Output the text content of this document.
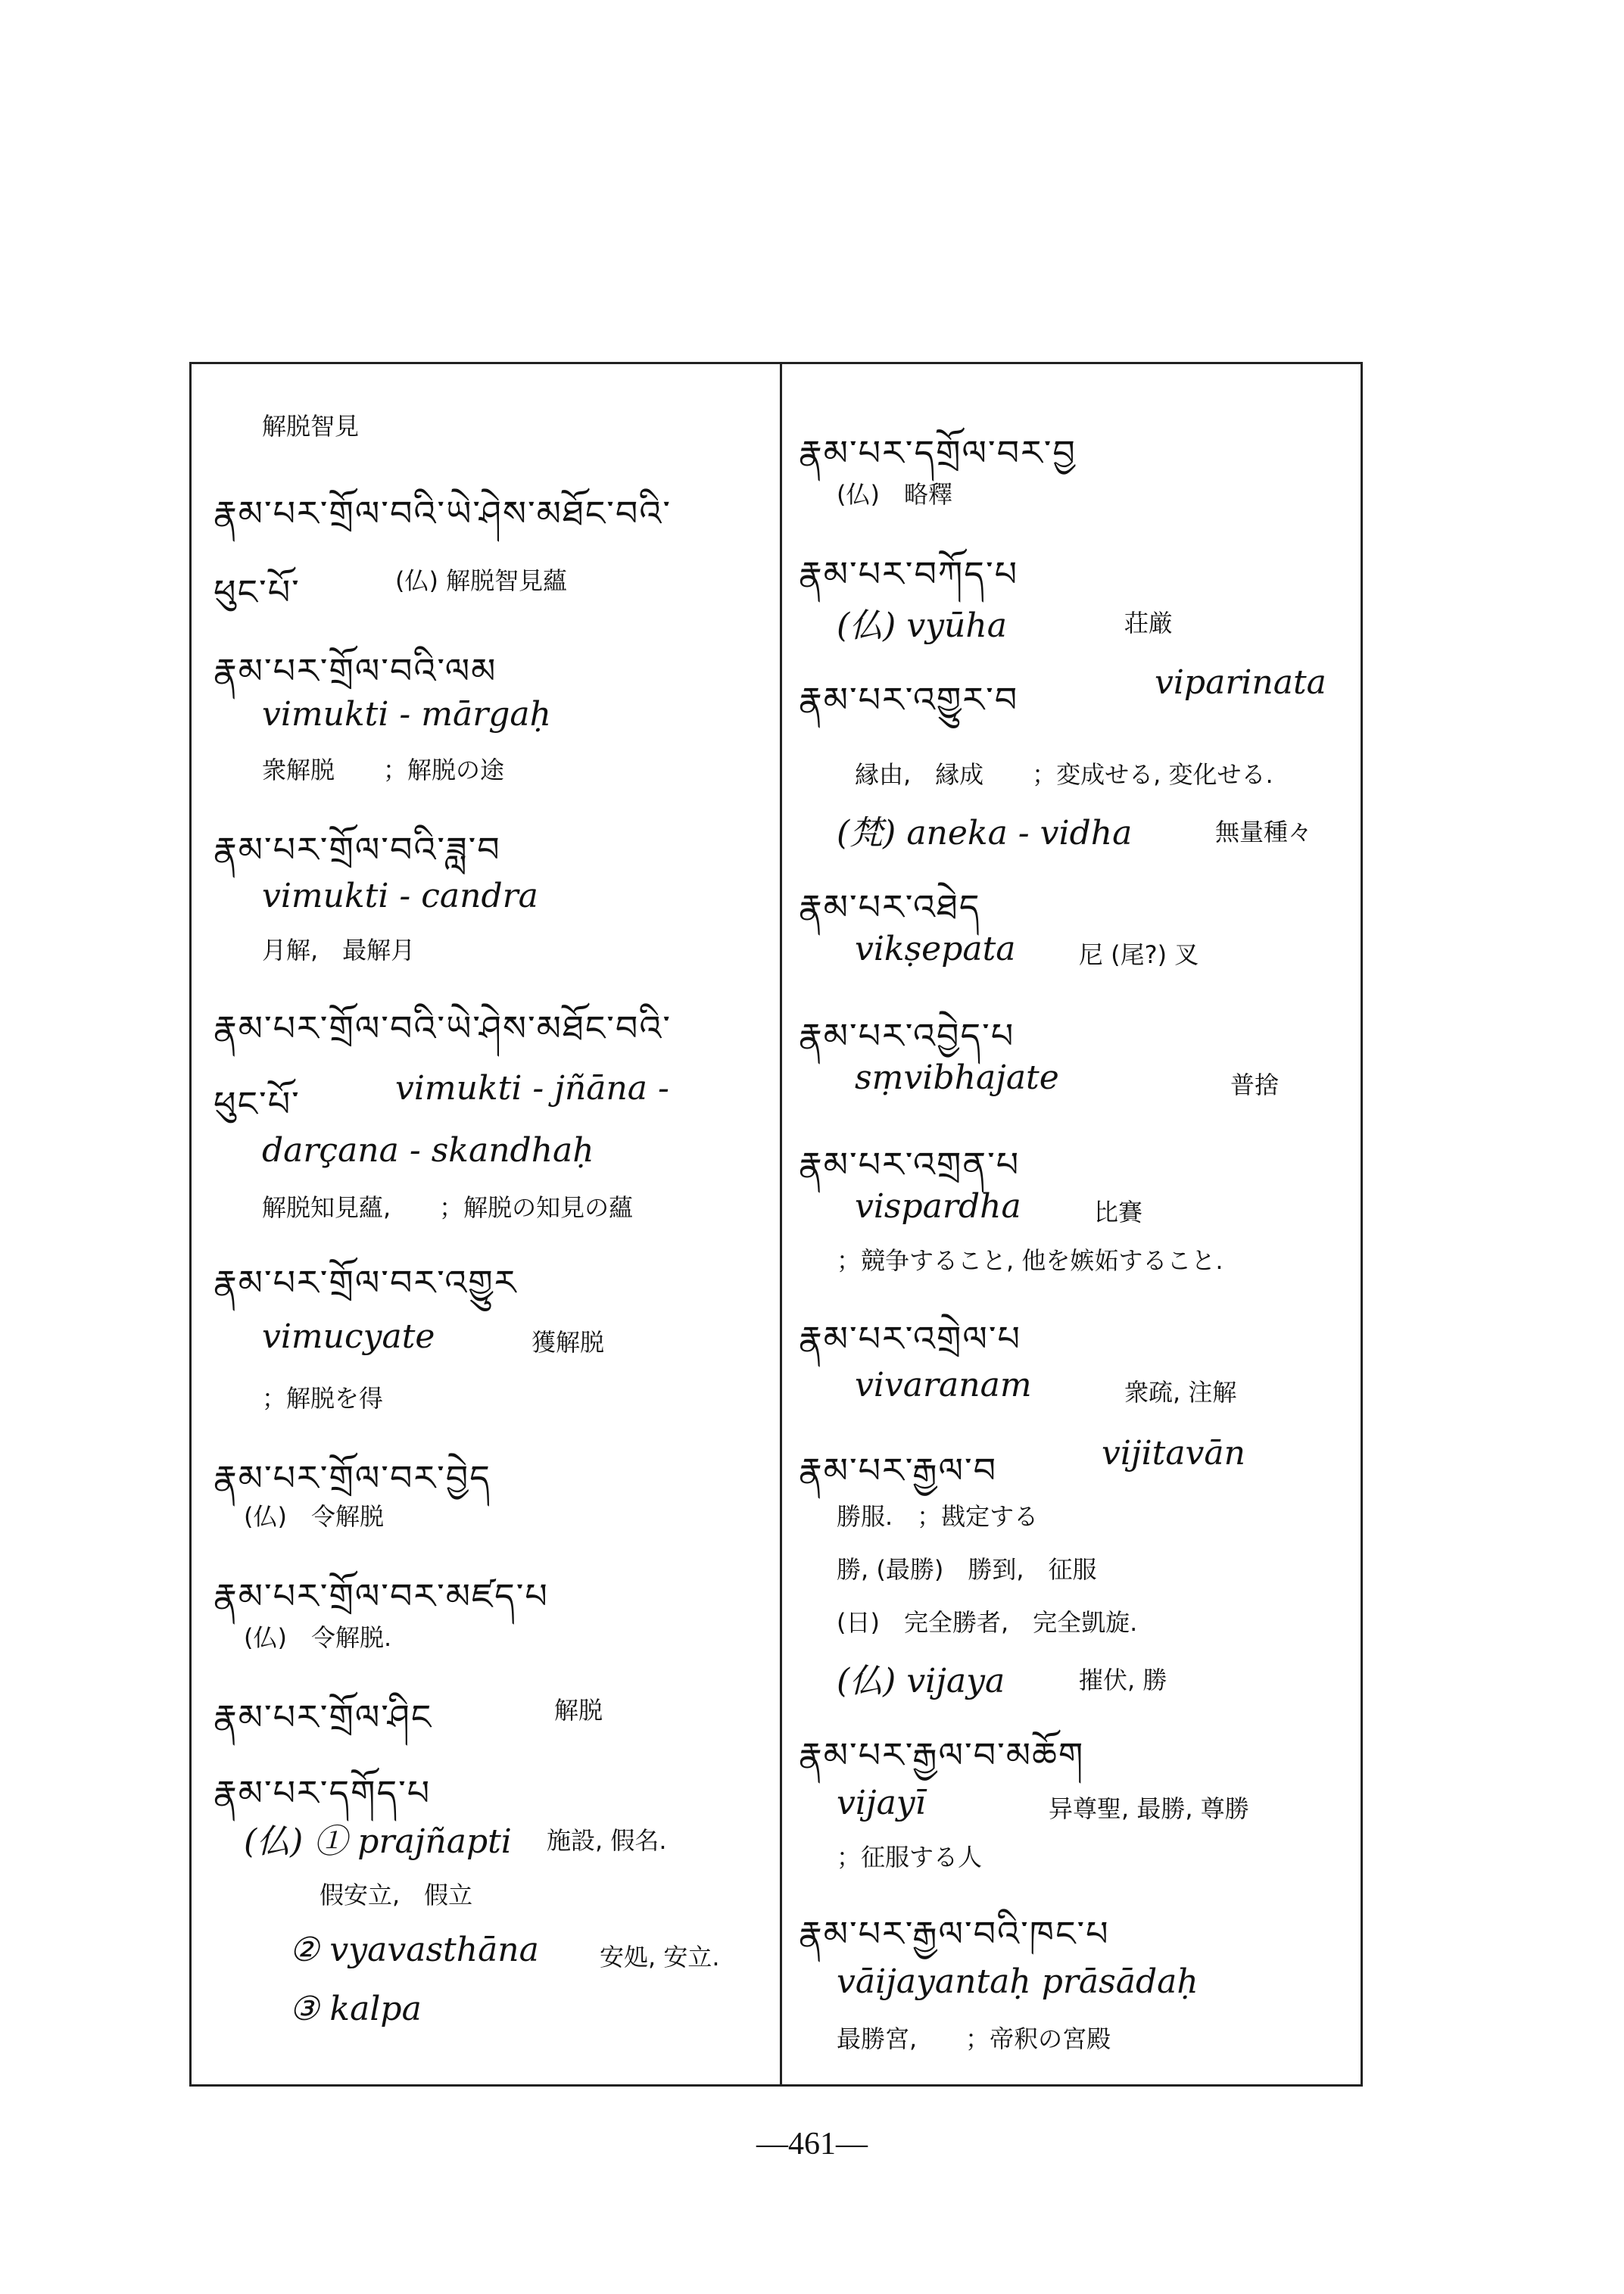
解脱智見
རྣམ་པར་གྲོལ་བའི་ཡེ་ཤེས་མཐོང་བའི་
ཕུང་པོ་	(仏) 解脱智見蘊
རྣམ་པར་གྲོལ་བའི་ལམ
vimukti - mārgaḥ
衆解脱　　；解脱の途
རྣམ་པར་གྲོལ་བའི་ཟླ་བ
vimukti - candra
月解,　最解月
རྣམ་པར་གྲོལ་བའི་ཡེ་ཤེས་མཐོང་བའི་
ཕུང་པོ་	vimukti - jñāna -
darçana - skandhaḥ
解脱知見蘊,　　；解脱の知見の蘊
རྣམ་པར་གྲོལ་བར་འགྱུར
vimucyate	獲解脱
；解脱を得
རྣམ་པར་གྲོལ་བར་བྱེད
(仏)　令解脱
རྣམ་པར་གྲོལ་བར་མཛད་པ
(仏)　令解脱.
རྣམ་པར་གྲོལ་ཤིང	解脱
རྣམ་པར་དགོད་པ
(仏) ① prajñapti 施設, 假名.
假安立,　假立
② vyavasthāna	安処, 安立.
③ kalpa
རྣམ་པར་དགྲོལ་བར་བྱ
(仏)　略釋
རྣམ་པར་བཀོད་པ
(仏) vyūha	荘厳
རྣམ་པར་འགྱུར་བ	viparinata
縁由,　縁成　　；変成せる, 変化せる.
(梵) aneka - vidha	無量種々
རྣམ་པར་འཐེད
vikṣepata	尼 (尾?) 叉
རྣམ་པར་འབྱེད་པ
sṃvibhajate	普捨
རྣམ་པར་འགྲན་པ
vispardha	比賽
；競争すること, 他を嫉妬すること.
རྣམ་པར་འགྲེལ་པ
vivaranam	衆疏, 注解
རྣམ་པར་རྒྱལ་བ	vijitavān
勝服.　；戡定する
勝, (最勝)　勝到,　征服
(日)　完全勝者,　完全凱旋.
(仏) vijaya	摧伏, 勝
རྣམ་པར་རྒྱལ་བ་མཆོག
vijayī	异尊聖, 最勝, 尊勝
；征服する人
རྣམ་པར་རྒྱལ་བའི་ཁང་པ
vāijayantaḥ prāsādaḥ
最勝宮,　　；帝釈の宮殿
—461—
